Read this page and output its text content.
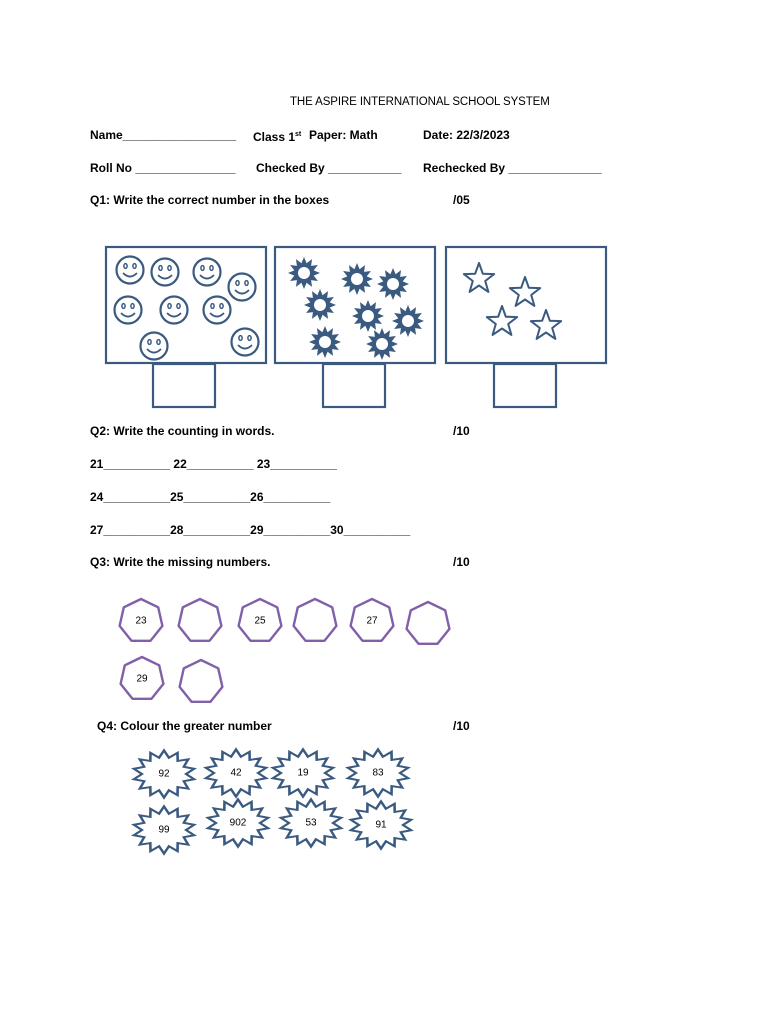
THE ASPIRE INTERNATIONAL SCHOOL SYSTEM
Name_________________ Class 1st Paper: Math	Date: 22/3/2023
Roll No _______________ Checked By ___________ Rechecked By ______________
Q1: Write the correct number in the boxes	/05
Q2: Write the counting in words.	/10
21__________ 22__________ 23__________
24__________25__________26__________
27__________28__________29__________30__________
Q3: Write the missing numbers.	/10
Q4: Colour the greater number	/10
23	25	27
29
92
99
42
902
19
53
83
91
